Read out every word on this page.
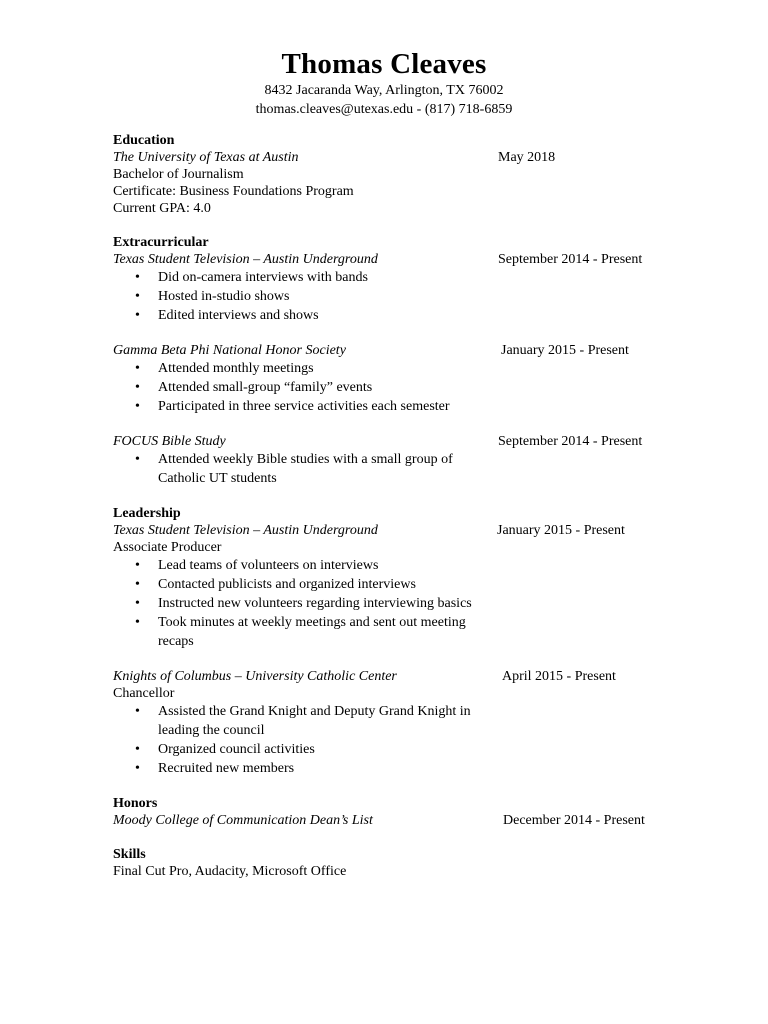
Thomas Cleaves
8432 Jacaranda Way, Arlington, TX 76002
thomas.cleaves@utexas.edu - (817) 718-6859
Education
The University of Texas at Austin	May 2018
Bachelor of Journalism
Certificate: Business Foundations Program
Current GPA: 4.0
Extracurricular
Texas Student Television – Austin Underground	September 2014 - Present
• Did on-camera interviews with bands
• Hosted in-studio shows
• Edited interviews and shows
Gamma Beta Phi National Honor Society	January 2015 - Present
• Attended monthly meetings
• Attended small-group “family” events
• Participated in three service activities each semester
FOCUS Bible Study	September 2014 - Present
• Attended weekly Bible studies with a small group of Catholic UT students
Leadership
Texas Student Television – Austin Underground	January 2015 - Present
Associate Producer
• Lead teams of volunteers on interviews
• Contacted publicists and organized interviews
• Instructed new volunteers regarding interviewing basics
• Took minutes at weekly meetings and sent out meeting recaps
Knights of Columbus – University Catholic Center	April 2015 - Present
Chancellor
• Assisted the Grand Knight and Deputy Grand Knight in leading the council
• Organized council activities
• Recruited new members
Honors
Moody College of Communication Dean’s List	December 2014 - Present
Skills
Final Cut Pro, Audacity, Microsoft Office
